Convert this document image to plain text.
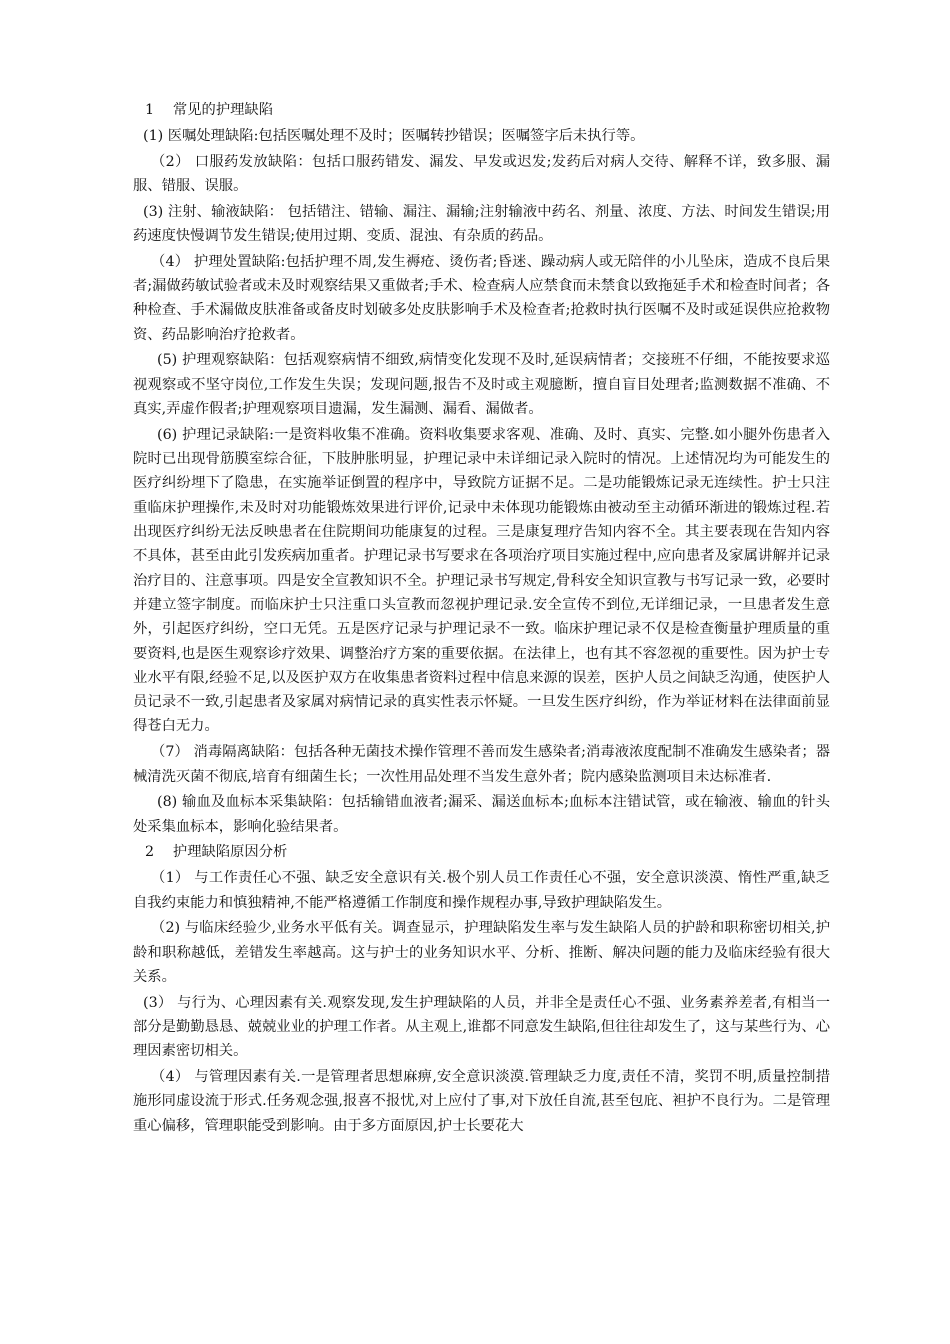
1　 常见的护理缺陷

(1) 医嘱处理缺陷:包括医嘱处理不及时；医嘱转抄错误；医嘱签字后未执行等。

（2） 口服药发放缺陷：包括口服药错发、漏发、早发或迟发;发药后对病人交待、解释不详，致多服、漏服、错服、误服。

(3) 注射、输液缺陷： 包括错注、错输、漏注、漏输;注射输液中药名、剂量、浓度、方法、时间发生错误;用药速度快慢调节发生错误;使用过期、变质、混浊、有杂质的药品。

（4） 护理处置缺陷:包括护理不周,发生褥疮、烫伤者;昏迷、躁动病人或无陪伴的小儿坠床，造成不良后果者;漏做药敏试验者或未及时观察结果又重做者;手术、检查病人应禁食而未禁食以致拖延手术和检查时间者；各种检查、手术漏做皮肤准备或备皮时划破多处皮肤影响手术及检查者;抢救时执行医嘱不及时或延误供应抢救物资、药品影响治疗抢救者。

(5) 护理观察缺陷：包括观察病情不细致,病情变化发现不及时,延误病情者；交接班不仔细，不能按要求巡视观察或不坚守岗位,工作发生失误；发现问题,报告不及时或主观臆断，擅自盲目处理者;监测数据不准确、不真实,弄虚作假者;护理观察项目遗漏，发生漏测、漏看、漏做者。

(6) 护理记录缺陷:一是资料收集不准确。资料收集要求客观、准确、及时、真实、完整.如小腿外伤患者入院时已出现骨筋膜室综合征，下肢肿胀明显，护理记录中未详细记录入院时的情况。上述情况均为可能发生的医疗纠纷埋下了隐患，在实施举证倒置的程序中，导致院方证据不足。二是功能锻炼记录无连续性。护士只注重临床护理操作,未及时对功能锻炼效果进行评价,记录中未体现功能锻炼由被动至主动循环渐进的锻炼过程.若出现医疗纠纷无法反映患者在住院期间功能康复的过程。三是康复理疗告知内容不全。其主要表现在告知内容不具体，甚至由此引发疾病加重者。护理记录书写要求在各项治疗项目实施过程中,应向患者及家属讲解并记录治疗目的、注意事项。四是安全宣教知识不全。护理记录书写规定,骨科安全知识宣教与书写记录一致，必要时并建立签字制度。而临床护士只注重口头宣教而忽视护理记录.安全宣传不到位,无详细记录，一旦患者发生意外，引起医疗纠纷，空口无凭。五是医疗记录与护理记录不一致。临床护理记录不仅是检查衡量护理质量的重要资料,也是医生观察诊疗效果、调整治疗方案的重要依据。在法律上，也有其不容忽视的重要性。因为护士专业水平有限,经验不足,以及医护双方在收集患者资料过程中信息来源的误差，医护人员之间缺乏沟通，使医护人员记录不一致,引起患者及家属对病情记录的真实性表示怀疑。一旦发生医疗纠纷，作为举证材料在法律面前显得苍白无力。

（7） 消毒隔离缺陷：包括各种无菌技术操作管理不善而发生感染者;消毒液浓度配制不准确发生感染者；器械清洗灭菌不彻底,培育有细菌生长；一次性用品处理不当发生意外者；院内感染监测项目未达标准者.

(8) 输血及血标本采集缺陷：包括输错血液者;漏采、漏送血标本;血标本注错试管，或在输液、输血的针头处采集血标本，影响化验结果者。

2　 护理缺陷原因分析

（1） 与工作责任心不强、缺乏安全意识有关.极个别人员工作责任心不强，安全意识淡漠、惰性严重,缺乏自我约束能力和慎独精神,不能严格遵循工作制度和操作规程办事,导致护理缺陷发生。

（2) 与临床经验少,业务水平低有关。调查显示，护理缺陷发生率与发生缺陷人员的护龄和职称密切相关,护龄和职称越低，差错发生率越高。这与护士的业务知识水平、分析、推断、解决问题的能力及临床经验有很大关系。

(3） 与行为、心理因素有关.观察发现,发生护理缺陷的人员，并非全是责任心不强、业务素养差者,有相当一部分是勤勤恳恳、兢兢业业的护理工作者。从主观上,谁都不同意发生缺陷,但往往却发生了，这与某些行为、心理因素密切相关。

（4） 与管理因素有关.一是管理者思想麻痹,安全意识淡漠.管理缺乏力度,责任不清，奖罚不明,质量控制措施形同虚设流于形式.任务观念强,报喜不报忧,对上应付了事,对下放任自流,甚至包庇、袒护不良行为。二是管理重心偏移，管理职能受到影响。由于多方面原因,护士长要花大
